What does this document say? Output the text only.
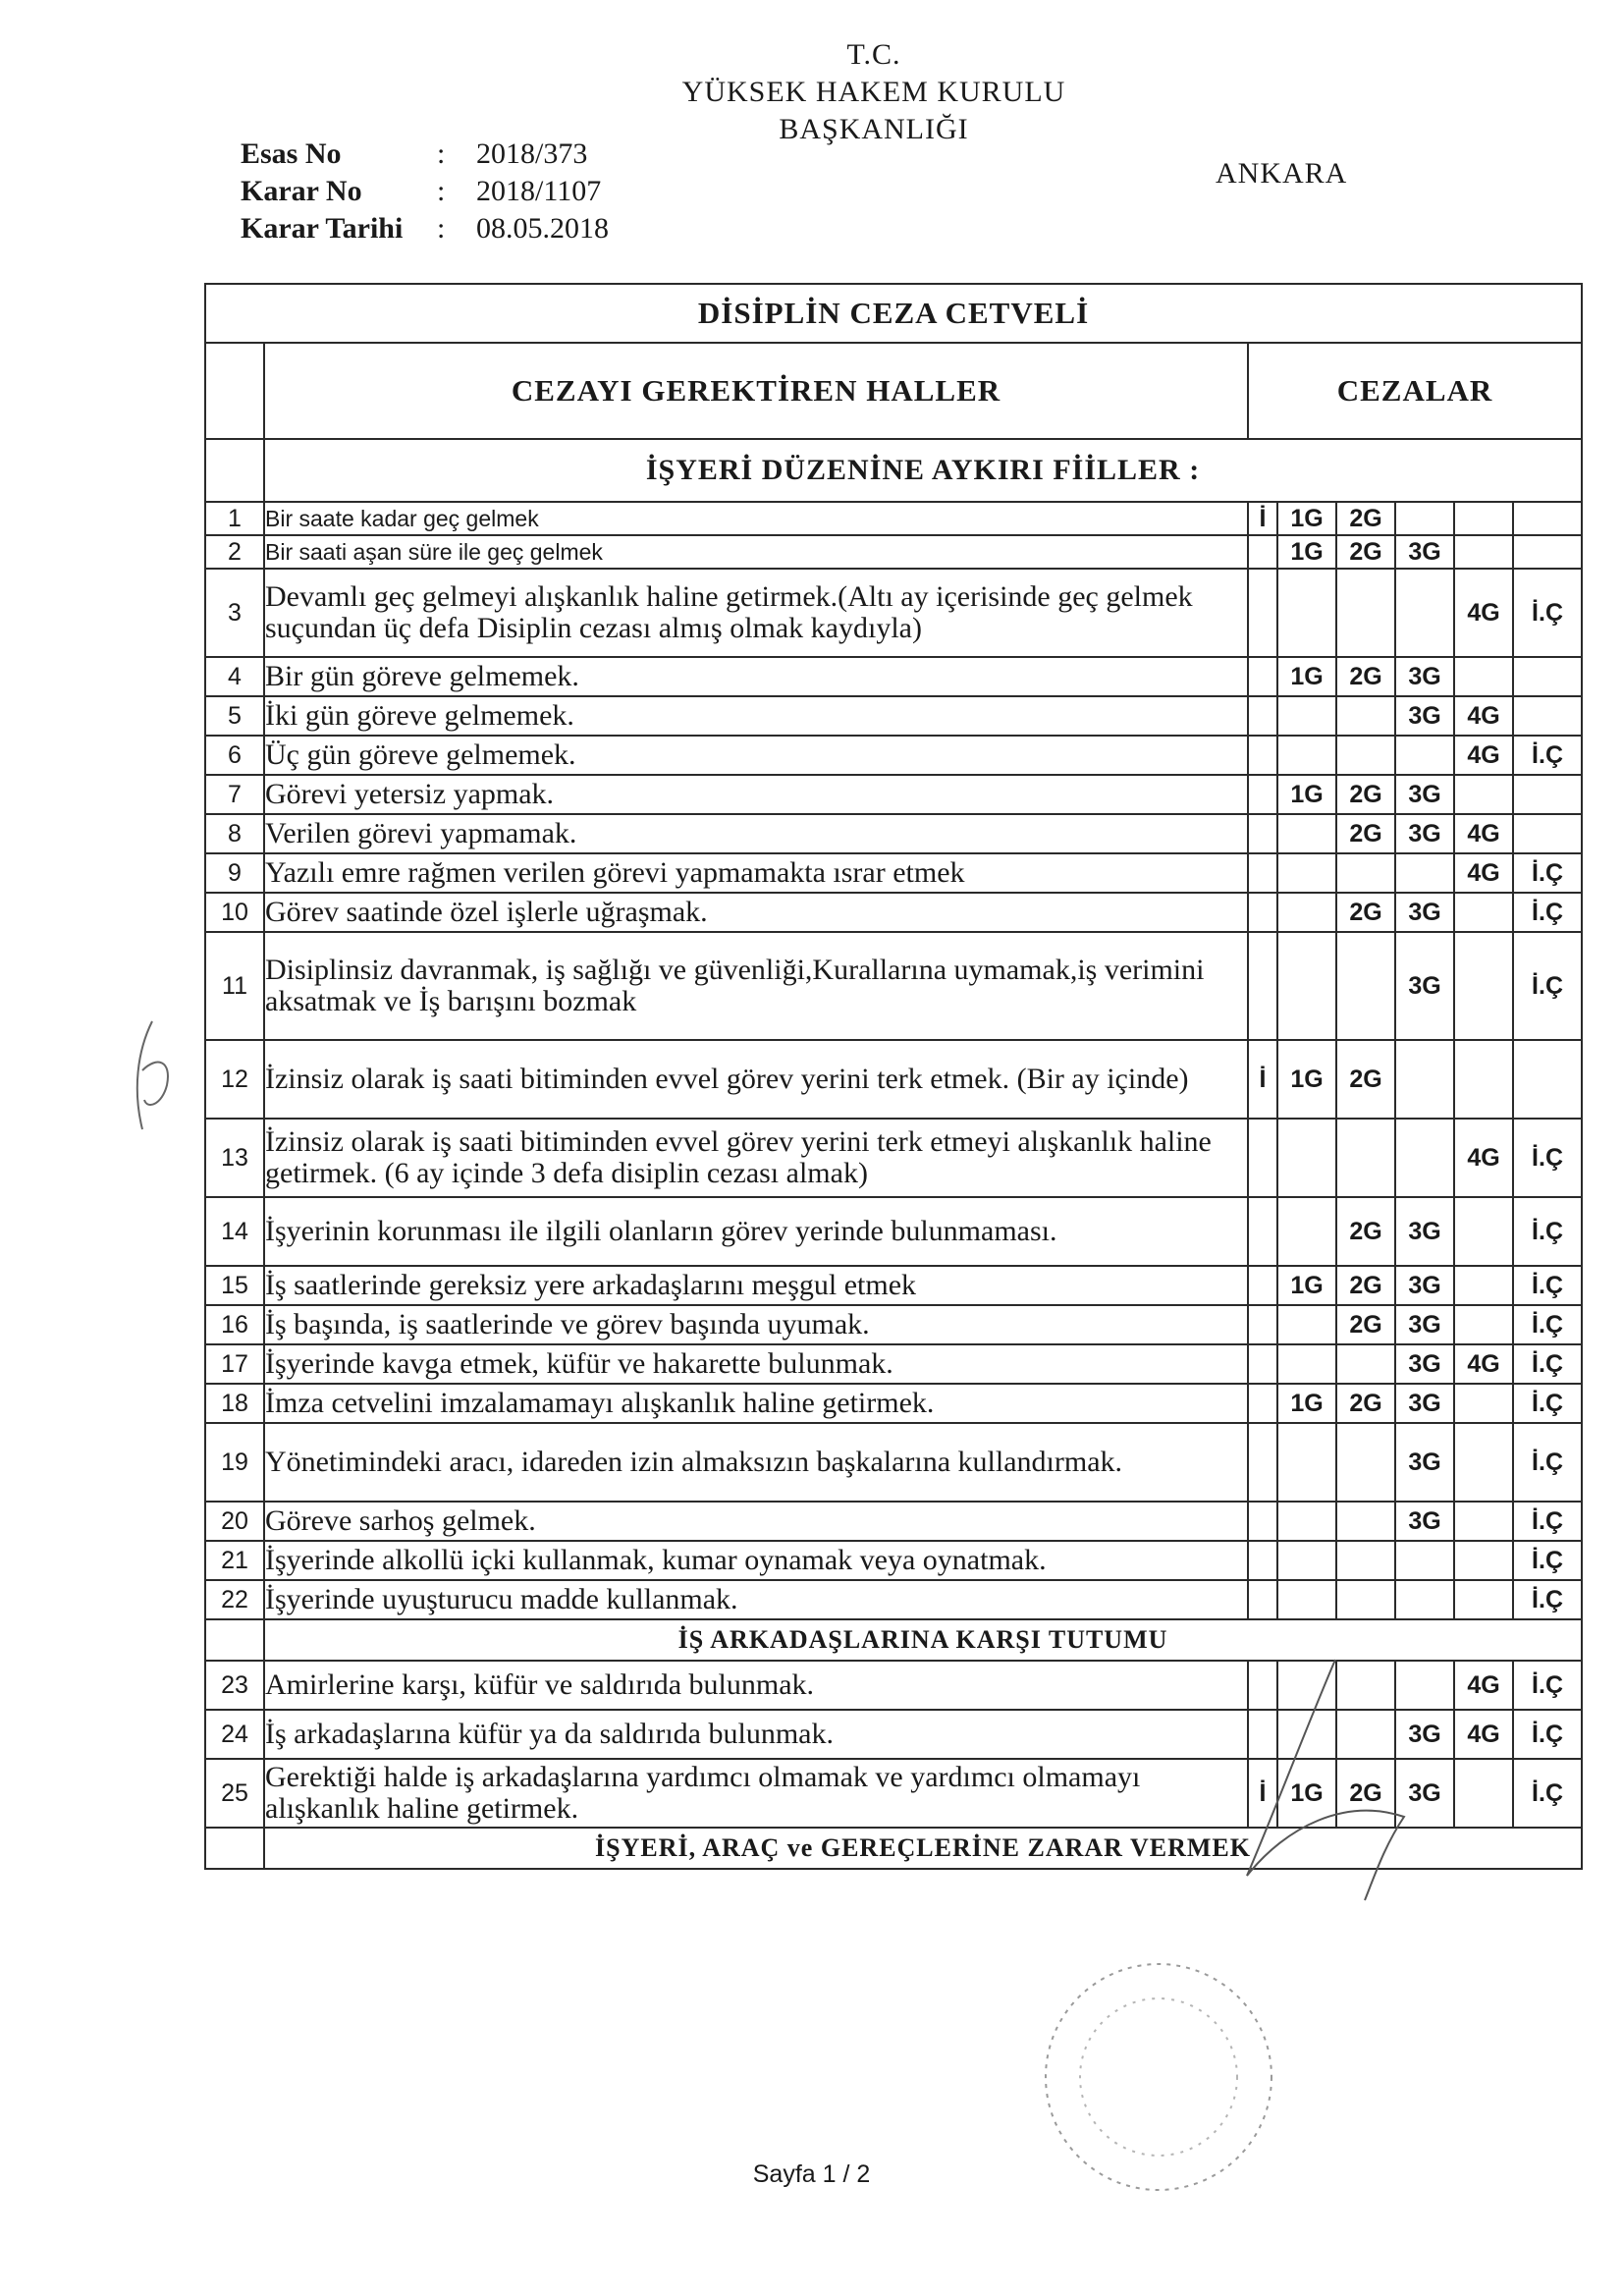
T.C.
YÜKSEK HAKEM KURULU
BAŞKANLIĞI
Esas No	:	2018/373
Karar No	:	2018/1107
Karar Tarihi	:	08.05.2018
ANKARA
DİSİPLİN CEZA CETVELİ							
	CEZAYI GEREKTİREN HALLER	CEZALAR					
	İŞYERİ DÜZENİNE AYKIRI FİİLLER :						
1	Bir saate kadar geç gelmek	İ	1G	2G			
2	Bir saati aşan süre ile geç gelmek		1G	2G	3G		
3	Devamlı geç gelmeyi alışkanlık haline getirmek.(Altı ay içerisinde geç gelmek suçundan üç defa Disiplin cezası almış olmak kaydıyla)					4G	İ.Ç
4	Bir gün göreve gelmemek.		1G	2G	3G		
5	İki gün göreve gelmemek.				3G	4G	
6	Üç gün göreve gelmemek.					4G	İ.Ç
7	Görevi yetersiz yapmak.		1G	2G	3G		
8	Verilen görevi yapmamak.			2G	3G	4G	
9	Yazılı emre rağmen verilen görevi yapmamakta ısrar etmek					4G	İ.Ç
10	Görev saatinde özel işlerle uğraşmak.			2G	3G		İ.Ç
11	Disiplinsiz davranmak, iş sağlığı ve güvenliği,Kurallarına uymamak,iş verimini aksatmak ve İş barışını bozmak				3G		İ.Ç
12	İzinsiz olarak iş saati bitiminden evvel görev yerini terk etmek. (Bir ay içinde)	İ	1G	2G			
13	İzinsiz olarak iş saati bitiminden evvel görev yerini terk etmeyi alışkanlık haline getirmek. (6 ay içinde 3 defa disiplin cezası almak)					4G	İ.Ç
14	İşyerinin korunması ile ilgili olanların görev yerinde bulunmaması.			2G	3G		İ.Ç
15	İş saatlerinde gereksiz yere arkadaşlarını meşgul etmek		1G	2G	3G		İ.Ç
16	İş başında, iş saatlerinde ve görev başında uyumak.			2G	3G		İ.Ç
17	İşyerinde kavga etmek, küfür ve hakarette bulunmak.				3G	4G	İ.Ç
18	İmza cetvelini imzalamamayı alışkanlık haline getirmek.		1G	2G	3G		İ.Ç
19	Yönetimindeki aracı, idareden izin almaksızın başkalarına kullandırmak.				3G		İ.Ç
20	Göreve sarhoş gelmek.				3G		İ.Ç
21	İşyerinde alkollü içki kullanmak, kumar oynamak veya oynatmak.						İ.Ç
22	İşyerinde uyuşturucu madde kullanmak.						İ.Ç
	İŞ ARKADAŞLARINA KARŞI TUTUMU						
23	Amirlerine karşı, küfür ve saldırıda bulunmak.					4G	İ.Ç
24	İş arkadaşlarına küfür ya da saldırıda bulunmak.				3G	4G	İ.Ç
25	Gerektiği halde iş arkadaşlarına yardımcı olmamak ve yardımcı olmamayı alışkanlık haline getirmek.	İ	1G	2G	3G		İ.Ç
	İŞYERİ, ARAÇ ve GEREÇLERİNE ZARAR VERMEK						
Sayfa 1 / 2
